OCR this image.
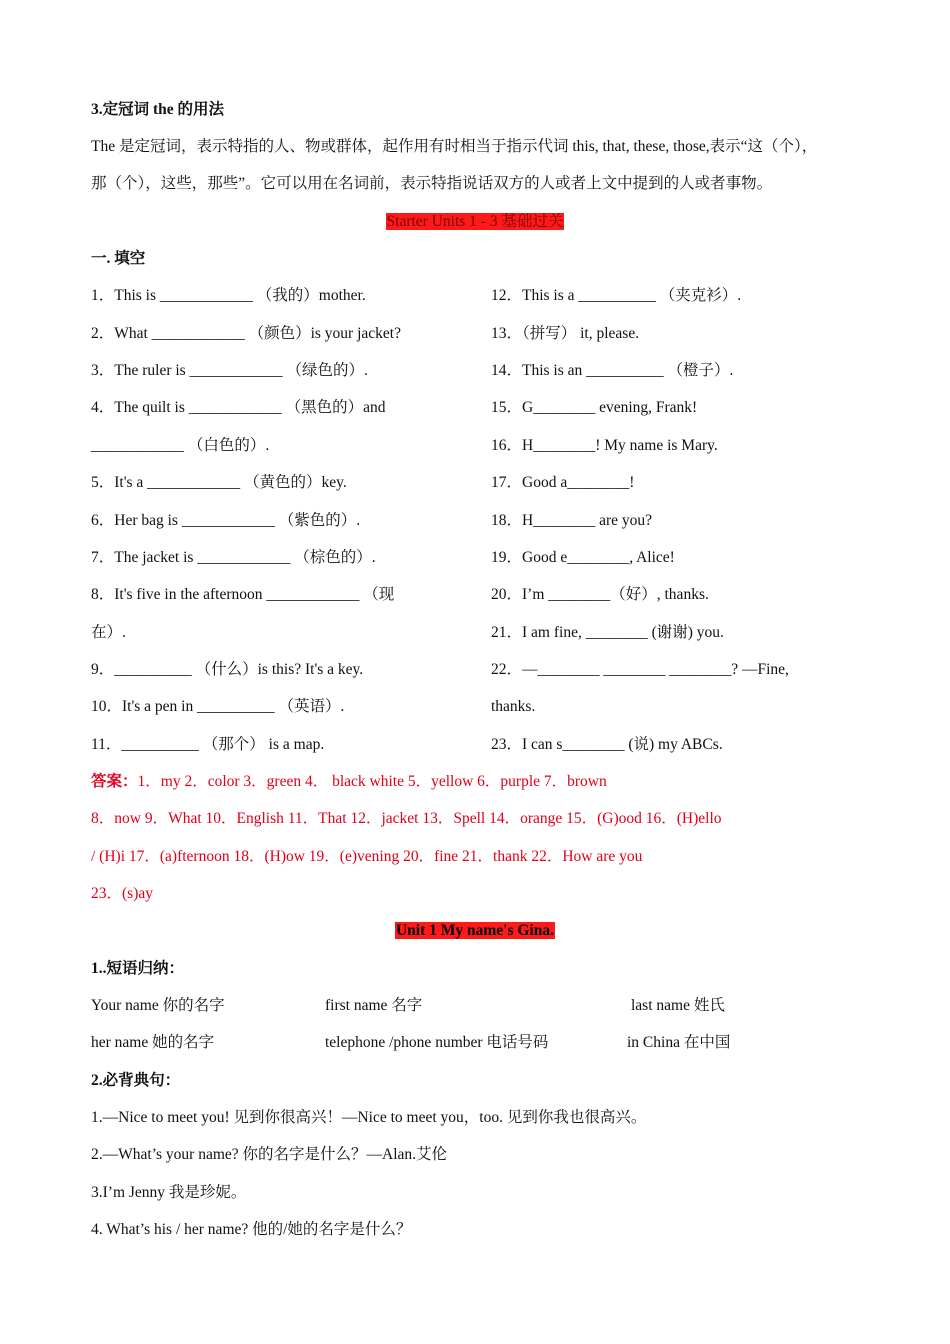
3.定冠词 the 的用法
The 是定冠词，表示特指的人、物或群体，起作用有时相当于指示代词 this, that, these, those,表示“这（个），
那（个），这些，那些”。它可以用在名词前，表示特指说话双方的人或者上文中提到的人或者事物。
Starter Units 1 - 3 基础过关
一. 填空
1．This is ____________ （我的）mother.
2．What ____________ （颜色）is your jacket?
3．The ruler is ____________ （绿色的）.
4．The quilt is ____________ （黑色的）and
____________ （白色的）.
5．It's a ____________ （黄色的）key.
6．Her bag is ____________ （紫色的）.
7．The jacket is ____________ （棕色的）.
8．It's five in the afternoon ____________ （现
在）.
9．__________ （什么）is this? It's a key.
10．It's a pen in __________ （英语）.
11．__________ （那个） is a map.
12．This is a __________ （夹克衫）.
13．（拼写） it, please.
14．This is an __________ （橙子）.
15．G________ evening, Frank!
16．H________! My name is Mary.
17．Good a________!
18．H________ are you?
19．Good e________, Alice!
20．I’m ________（好）, thanks.
21．I am fine, ________ (谢谢) you.
22．—________ ________ ________? —Fine,
thanks.
23．I can s________ (说) my ABCs.
答案：1．my 2．color 3．green 4． black white 5．yellow 6．purple 7．brown
8．now 9．What 10．English 11．That 12．jacket 13．Spell 14．orange 15．(G)ood 16．(H)ello
/ (H)i 17．(a)fternoon 18．(H)ow 19．(e)vening 20．fine 21．thank 22．How are you
23．(s)ay
Unit 1 My name's Gina.
1..短语归纳：
Your name 你的名字	first name 名字	last name 姓氏
her name 她的名字	telephone /phone number 电话号码	in China 在中国
2.必背典句：
1.—Nice to meet you! 见到你很高兴！—Nice to meet you，too. 见到你我也很高兴。
2.—What’s your name? 你的名字是什么？—Alan.艾伦
3.I’m Jenny 我是珍妮。
4. What’s his / her name? 他的/她的名字是什么？
